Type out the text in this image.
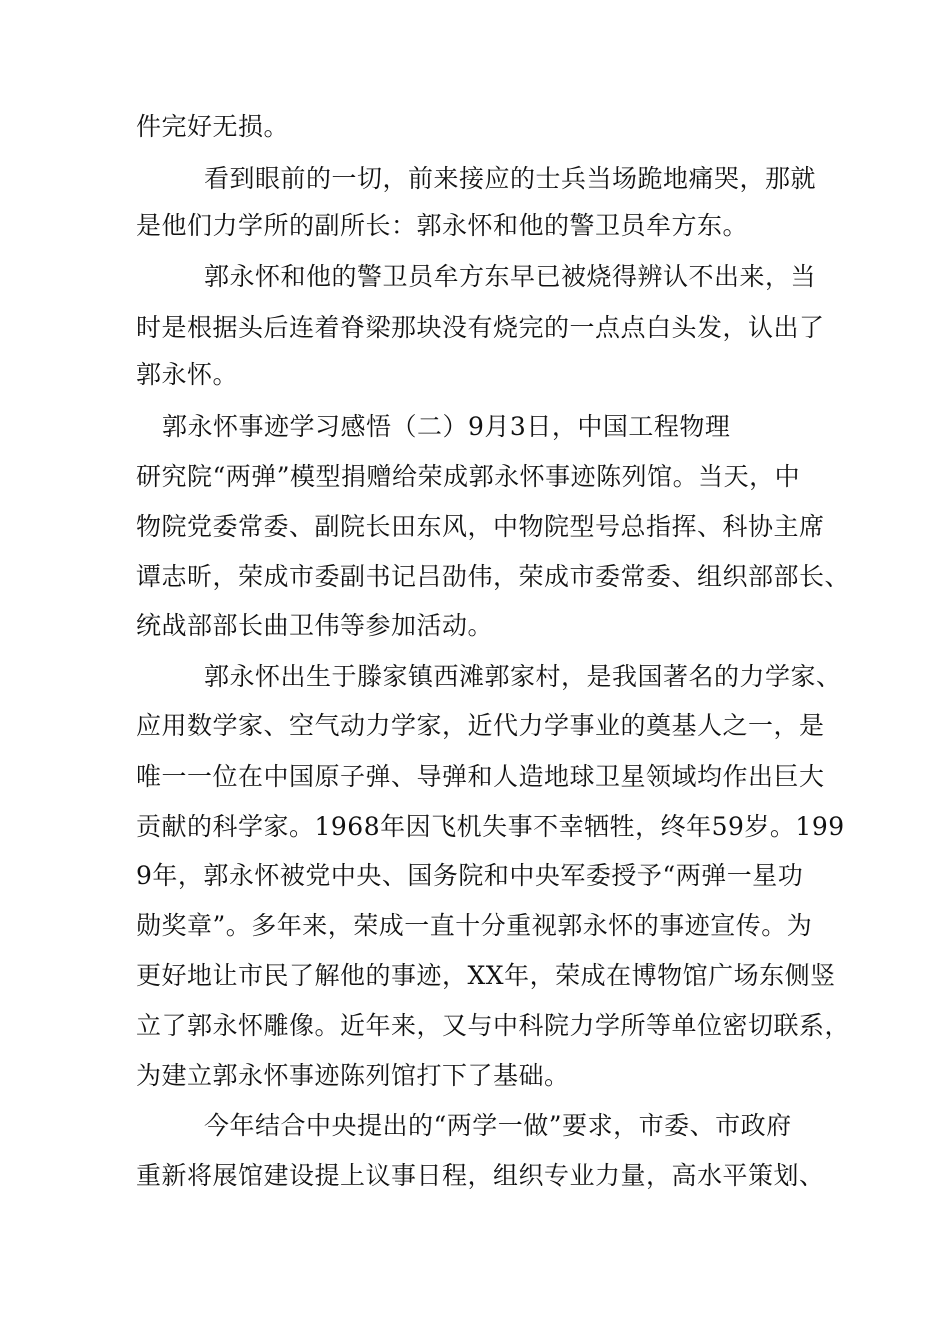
件完好无损。
看到眼前的一切，前来接应的士兵当场跪地痛哭，那就
是他们力学所的副所长：郭永怀和他的警卫员牟方东。
郭永怀和他的警卫员牟方东早已被烧得辨认不出来，当
时是根据头后连着脊梁那块没有烧完的一点点白头发，认出了
郭永怀。
郭永怀事迹学习感悟（二）9月3日，中国工程物理
研究院“两弹”模型捐赠给荣成郭永怀事迹陈列馆。当天，中
物院党委常委、副院长田东风，中物院型号总指挥、科协主席
谭志昕，荣成市委副书记吕劭伟，荣成市委常委、组织部部长、
统战部部长曲卫伟等参加活动。
郭永怀出生于滕家镇西滩郭家村，是我国著名的力学家、
应用数学家、空气动力学家，近代力学事业的奠基人之一，是
唯一一位在中国原子弹、导弹和人造地球卫星领域均作出巨大
贡献的科学家。1968年因飞机失事不幸牺牲，终年59岁。199
9年，郭永怀被党中央、国务院和中央军委授予“两弹一星功
勋奖章”。多年来，荣成一直十分重视郭永怀的事迹宣传。为
更好地让市民了解他的事迹，XX年，荣成在博物馆广场东侧竖
立了郭永怀雕像。近年来，又与中科院力学所等单位密切联系，
为建立郭永怀事迹陈列馆打下了基础。
今年结合中央提出的“两学一做”要求，市委、市政府
重新将展馆建设提上议事日程，组织专业力量，高水平策划、
